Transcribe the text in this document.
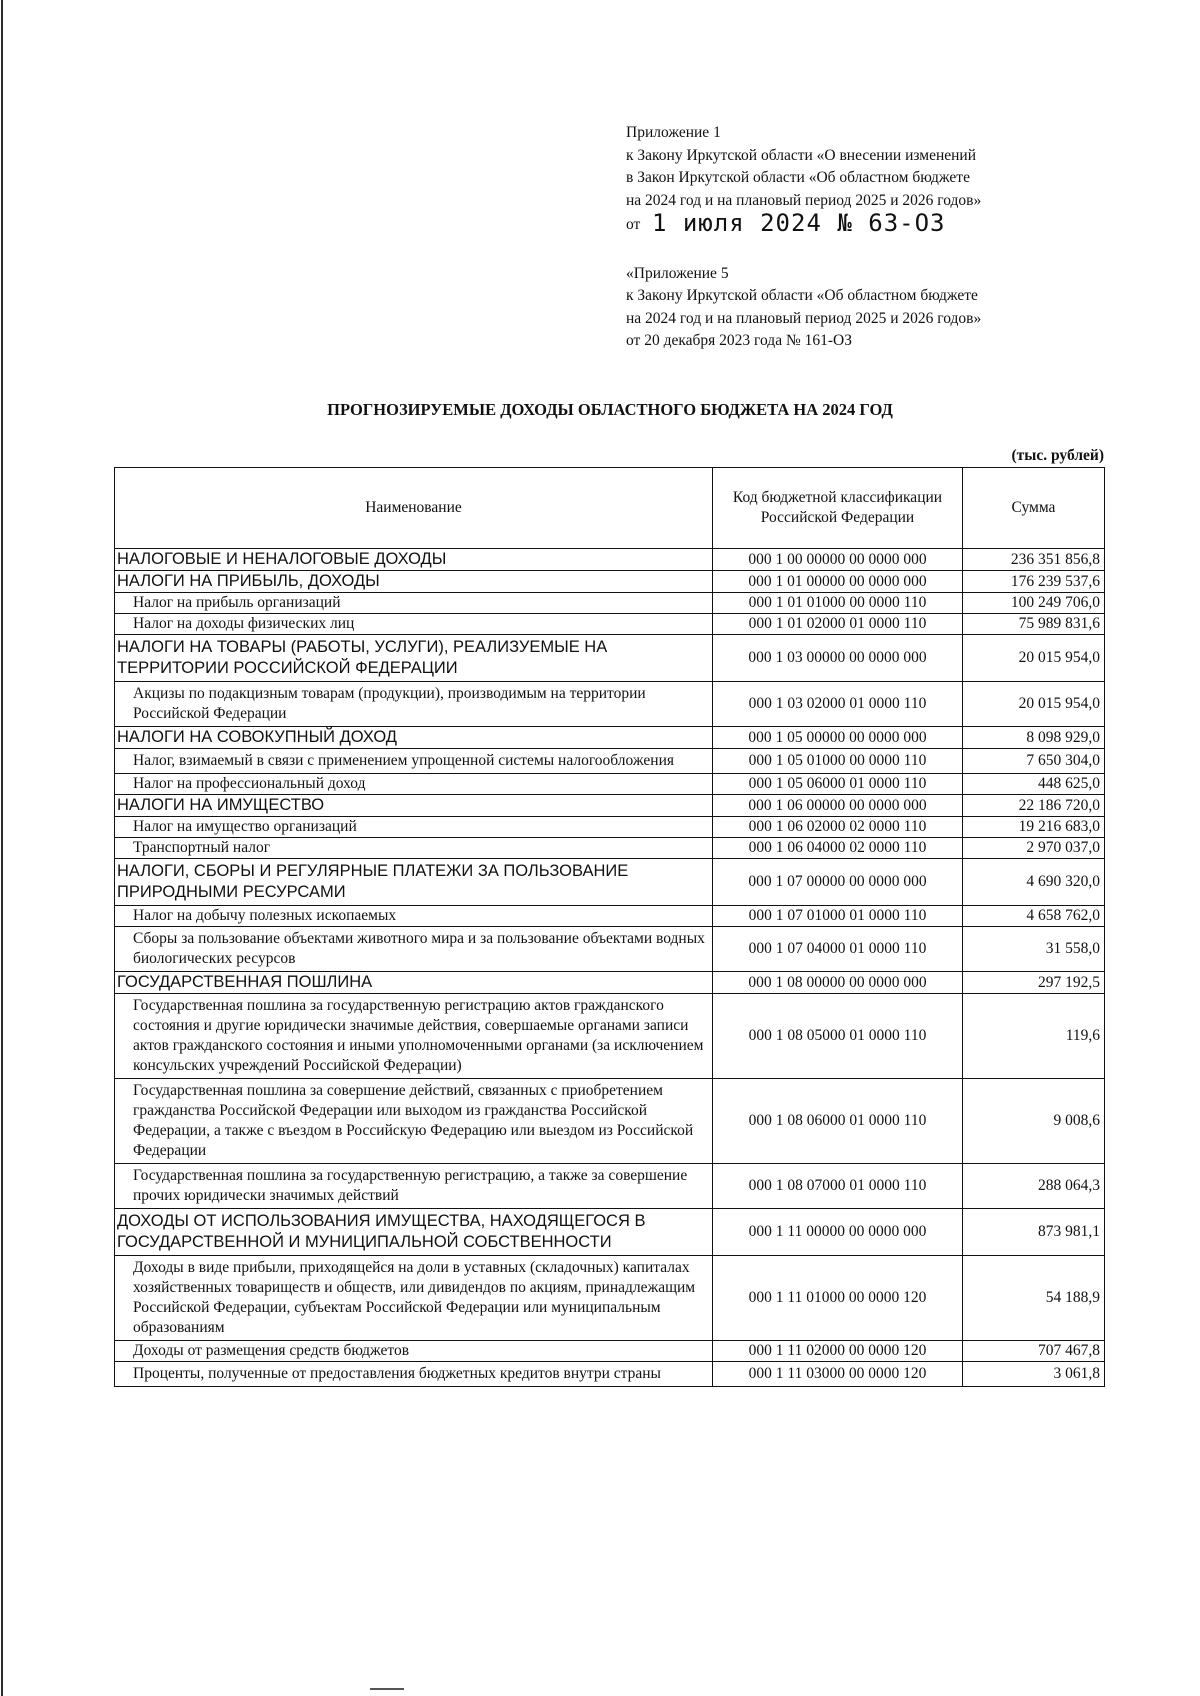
Приложение 1
к Закону Иркутской области «О внесении изменений
в Закон Иркутской области «Об областном бюджете
на 2024 год и на плановый период 2025 и 2026 годов»
от 1 июля 2024 № 63-ОЗ
«Приложение 5
к Закону Иркутской области «Об областном бюджете
на 2024 год и на плановый период 2025 и 2026 годов»
от 20 декабря 2023 года № 161-ОЗ
ПРОГНОЗИРУЕМЫЕ ДОХОДЫ ОБЛАСТНОГО БЮДЖЕТА НА 2024 ГОД
(тыс. рублей)
Наименование	Код бюджетной классификации Российской Федерации	Сумма
НАЛОГОВЫЕ И НЕНАЛОГОВЫЕ ДОХОДЫ	000 1 00 00000 00 0000 000	236 351 856,8
НАЛОГИ НА ПРИБЫЛЬ, ДОХОДЫ	000 1 01 00000 00 0000 000	176 239 537,6
Налог на прибыль организаций	000 1 01 01000 00 0000 110	100 249 706,0
Налог на доходы физических лиц	000 1 01 02000 01 0000 110	75 989 831,6
НАЛОГИ НА ТОВАРЫ (РАБОТЫ, УСЛУГИ), РЕАЛИЗУЕМЫЕ НА ТЕРРИТОРИИ РОССИЙСКОЙ ФЕДЕРАЦИИ	000 1 03 00000 00 0000 000	20 015 954,0
Акцизы по подакцизным товарам (продукции), производимым на территории Российской Федерации	000 1 03 02000 01 0000 110	20 015 954,0
НАЛОГИ НА СОВОКУПНЫЙ ДОХОД	000 1 05 00000 00 0000 000	8 098 929,0
Налог, взимаемый в связи с применением упрощенной системы налогообложения	000 1 05 01000 00 0000 110	7 650 304,0
Налог на профессиональный доход	000 1 05 06000 01 0000 110	448 625,0
НАЛОГИ НА ИМУЩЕСТВО	000 1 06 00000 00 0000 000	22 186 720,0
Налог на имущество организаций	000 1 06 02000 02 0000 110	19 216 683,0
Транспортный налог	000 1 06 04000 02 0000 110	2 970 037,0
НАЛОГИ, СБОРЫ И РЕГУЛЯРНЫЕ ПЛАТЕЖИ ЗА ПОЛЬЗОВАНИЕ ПРИРОДНЫМИ РЕСУРСАМИ	000 1 07 00000 00 0000 000	4 690 320,0
Налог на добычу полезных ископаемых	000 1 07 01000 01 0000 110	4 658 762,0
Сборы за пользование объектами животного мира и за пользование объектами водных биологических ресурсов	000 1 07 04000 01 0000 110	31 558,0
ГОСУДАРСТВЕННАЯ ПОШЛИНА	000 1 08 00000 00 0000 000	297 192,5
Государственная пошлина за государственную регистрацию актов гражданского состояния и другие юридически значимые действия, совершаемые органами записи актов гражданского состояния и иными уполномоченными органами (за исключением консульских учреждений Российской Федерации)	000 1 08 05000 01 0000 110	119,6
Государственная пошлина за совершение действий, связанных с приобретением гражданства Российской Федерации или выходом из гражданства Российской Федерации, а также с въездом в Российскую Федерацию или выездом из Российской Федерации	000 1 08 06000 01 0000 110	9 008,6
Государственная пошлина за государственную регистрацию, а также за совершение прочих юридически значимых действий	000 1 08 07000 01 0000 110	288 064,3
ДОХОДЫ ОТ ИСПОЛЬЗОВАНИЯ ИМУЩЕСТВА, НАХОДЯЩЕГОСЯ В ГОСУДАРСТВЕННОЙ И МУНИЦИПАЛЬНОЙ СОБСТВЕННОСТИ	000 1 11 00000 00 0000 000	873 981,1
Доходы в виде прибыли, приходящейся на доли в уставных (складочных) капиталах хозяйственных товариществ и обществ, или дивидендов по акциям, принадлежащим Российской Федерации, субъектам Российской Федерации или муниципальным образованиям	000 1 11 01000 00 0000 120	54 188,9
Доходы от размещения средств бюджетов	000 1 11 02000 00 0000 120	707 467,8
Проценты, полученные от предоставления бюджетных кредитов внутри страны	000 1 11 03000 00 0000 120	3 061,8
